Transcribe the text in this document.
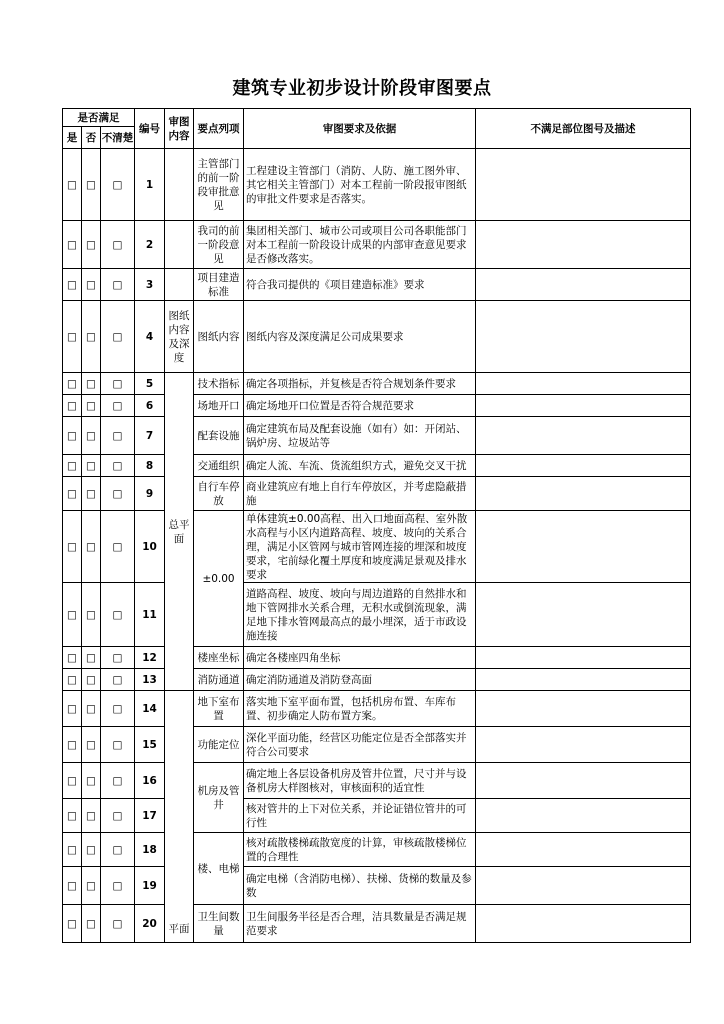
建筑专业初步设计阶段审图要点
是否满足			编号	审图内容	要点列项	审图要求及依据	不满足部位图号及描述
是	否	不清楚					
□	□	□	1		主管部门的前一阶段审批意见	工程建设主管部门（消防、人防、施工图外审、其它相关主管部门）对本工程前一阶段报审图纸的审批文件要求是否落实。	
□	□	□	2		我司的前一阶段意见	集团相关部门、城市公司或项目公司各职能部门对本工程前一阶段设计成果的内部审查意见要求是否修改落实。	
□	□	□	3		项目建造标准	符合我司提供的《项目建造标准》要求	
□	□	□	4	图纸内容及深度	图纸内容	图纸内容及深度满足公司成果要求	
□	□	□	5	总平面	技术指标	确定各项指标，并复核是否符合规划条件要求	
□	□	□	6		场地开口	确定场地开口位置是否符合规范要求	
□	□	□	7		配套设施	确定建筑布局及配套设施（如有）如：开闭站、锅炉房、垃圾站等	
□	□	□	8		交通组织	确定人流、车流、货流组织方式，避免交叉干扰	
□	□	□	9		自行车停放	商业建筑应有地上自行车停放区，并考虑隐蔽措施	
□	□	□	10		±0.00	单体建筑±0.00高程、出入口地面高程、室外散水高程与小区内道路高程、坡度、坡向的关系合理，满足小区管网与城市管网连接的埋深和坡度要求，宅前绿化覆土厚度和坡度满足景观及排水要求	
□	□	□	11			道路高程、坡度、坡向与周边道路的自然排水和地下管网排水关系合理，无积水或倒流现象，满足地下排水管网最高点的最小埋深，适于市政设施连接	
□	□	□	12		楼座坐标	确定各楼座四角坐标	
□	□	□	13		消防通道	确定消防通道及消防登高面	
□	□	□	14	平面	地下室布置	落实地下室平面布置，包括机房布置、车库布置、初步确定人防布置方案。	
□	□	□	15		功能定位	深化平面功能，经营区功能定位是否全部落实并符合公司要求	
□	□	□	16		机房及管井	确定地上各层设备机房及管井位置，尺寸并与设备机房大样图核对，审核面积的适宜性	
□	□	□	17			核对管井的上下对位关系，并论证错位管井的可行性	
□	□	□	18		楼、电梯	核对疏散楼梯疏散宽度的计算，审核疏散楼梯位置的合理性	
□	□	□	19			确定电梯（含消防电梯）、扶梯、货梯的数量及参数	
□	□	□	20		卫生间数量	卫生间服务半径是否合理，洁具数量是否满足规范要求	
